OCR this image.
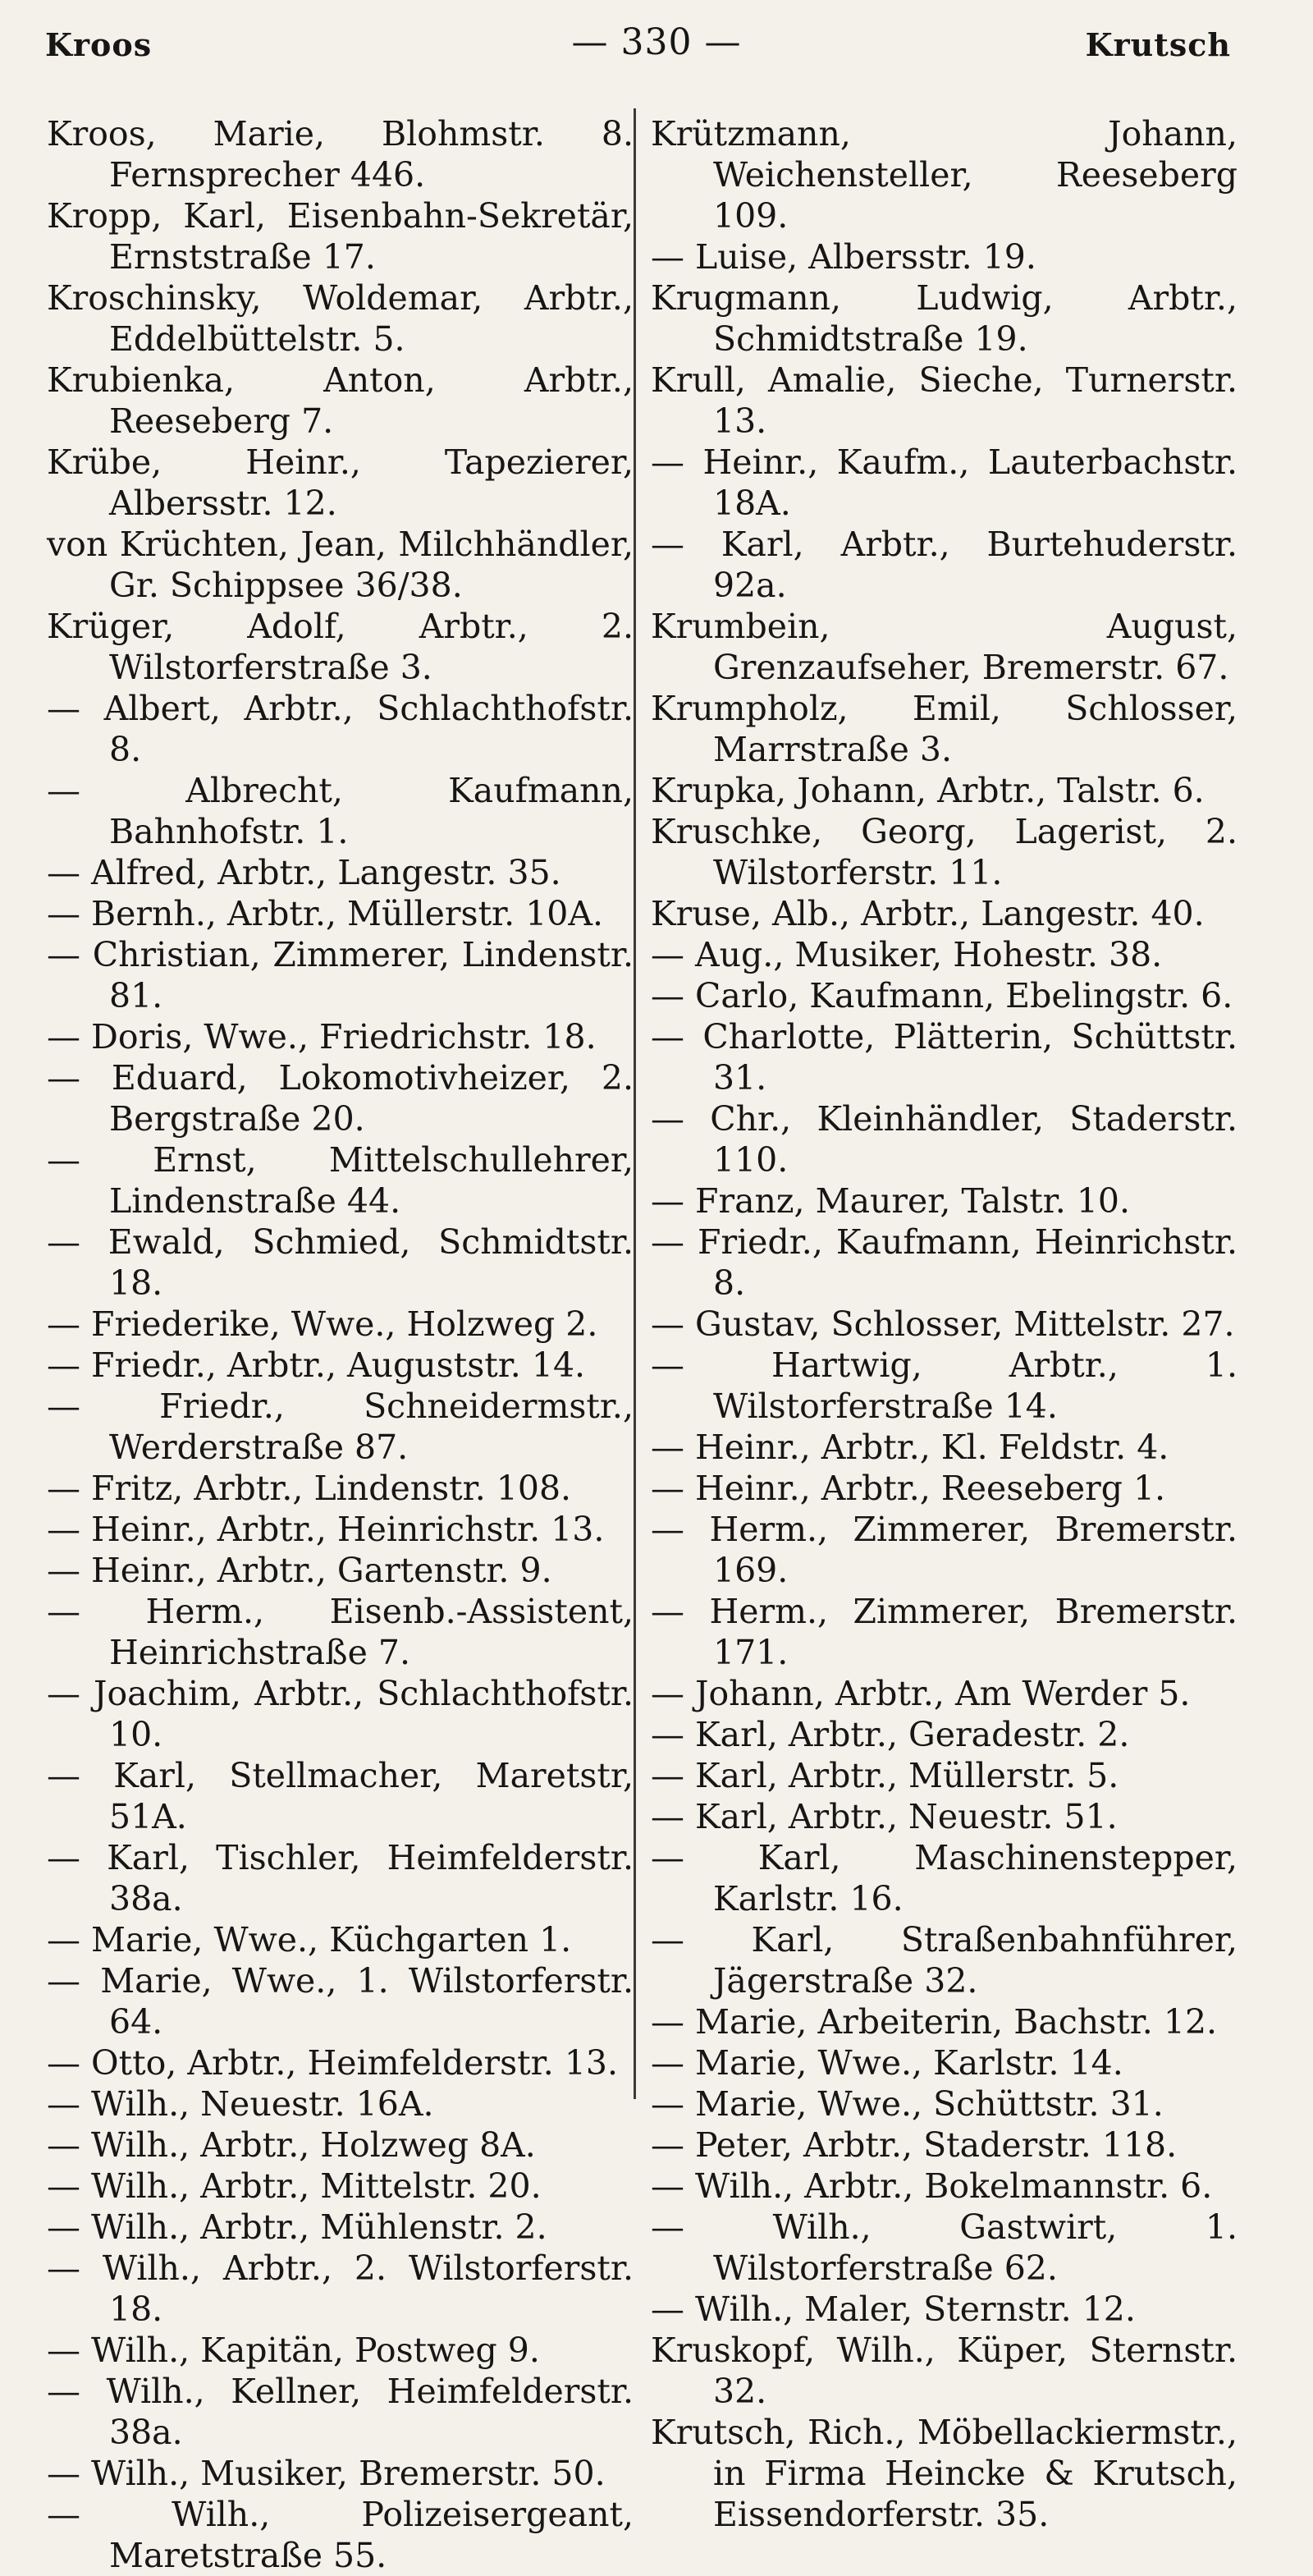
Kroos	— 330 —	Krutsch

Kroos, Marie, Blohmstr. 8. Fernsprecher 446.

Kropp, Karl, Eisenbahn-Sekretär, Ernststraße 17.

Kroschinsky, Woldemar, Arbtr., Eddelbüttelstr. 5.

Krubienka, Anton, Arbtr., Reeseberg 7.

Krübe, Heinr., Tapezierer, Albersstr. 12.

von Krüchten, Jean, Milchhändler, Gr. Schippsee 36/38.

Krüger, Adolf, Arbtr., 2. Wilstorferstraße 3.

— Albert, Arbtr., Schlachthofstr. 8.

— Albrecht, Kaufmann, Bahnhofstr. 1.

— Alfred, Arbtr., Langestr. 35.

— Bernh., Arbtr., Müllerstr. 10A.

— Christian, Zimmerer, Lindenstr. 81.

— Doris, Wwe., Friedrichstr. 18.

— Eduard, Lokomotivheizer, 2. Bergstraße 20.

— Ernst, Mittelschullehrer, Lindenstraße 44.

— Ewald, Schmied, Schmidtstr. 18.

— Friederike, Wwe., Holzweg 2.

— Friedr., Arbtr., Auguststr. 14.

— Friedr., Schneidermstr., Werderstraße 87.

— Fritz, Arbtr., Lindenstr. 108.

— Heinr., Arbtr., Heinrichstr. 13.

— Heinr., Arbtr., Gartenstr. 9.

— Herm., Eisenb.-Assistent, Heinrichstraße 7.

— Joachim, Arbtr., Schlachthofstr. 10.

— Karl, Stellmacher, Maretstr, 51A.

— Karl, Tischler, Heimfelderstr. 38a.

— Marie, Wwe., Küchgarten 1.

— Marie, Wwe., 1. Wilstorferstr. 64.

— Otto, Arbtr., Heimfelderstr. 13.

— Wilh., Neuestr. 16A.

— Wilh., Arbtr., Holzweg 8A.

— Wilh., Arbtr., Mittelstr. 20.

— Wilh., Arbtr., Mühlenstr. 2.

— Wilh., Arbtr., 2. Wilstorferstr. 18.

— Wilh., Kapitän, Postweg 9.

— Wilh., Kellner, Heimfelderstr. 38a.

— Wilh., Musiker, Bremerstr. 50.

— Wilh., Polizeisergeant, Maretstraße 55.

Krützmann, Johann, Weichensteller, Reeseberg 109.

— Luise, Albersstr. 19.

Krugmann, Ludwig, Arbtr., Schmidtstraße 19.

Krull, Amalie, Sieche, Turnerstr. 13.

— Heinr., Kaufm., Lauterbachstr. 18A.

— Karl, Arbtr., Burtehuderstr. 92a.

Krumbein, August, Grenzaufseher, Bremerstr. 67.

Krumpholz, Emil, Schlosser, Marrstraße 3.

Krupka, Johann, Arbtr., Talstr. 6.

Kruschke, Georg, Lagerist, 2. Wilstorferstr. 11.

Kruse, Alb., Arbtr., Langestr. 40.

— Aug., Musiker, Hohestr. 38.

— Carlo, Kaufmann, Ebelingstr. 6.

— Charlotte, Plätterin, Schüttstr. 31.

— Chr., Kleinhändler, Staderstr. 110.

— Franz, Maurer, Talstr. 10.

— Friedr., Kaufmann, Heinrichstr. 8.

— Gustav, Schlosser, Mittelstr. 27.

— Hartwig, Arbtr., 1. Wilstorferstraße 14.

— Heinr., Arbtr., Kl. Feldstr. 4.

— Heinr., Arbtr., Reeseberg 1.

— Herm., Zimmerer, Bremerstr. 169.

— Herm., Zimmerer, Bremerstr. 171.

— Johann, Arbtr., Am Werder 5.

— Karl, Arbtr., Geradestr. 2.

— Karl, Arbtr., Müllerstr. 5.

— Karl, Arbtr., Neuestr. 51.

— Karl, Maschinenstepper, Karlstr. 16.

— Karl, Straßenbahnführer, Jägerstraße 32.

— Marie, Arbeiterin, Bachstr. 12.

— Marie, Wwe., Karlstr. 14.

— Marie, Wwe., Schüttstr. 31.

— Peter, Arbtr., Staderstr. 118.

— Wilh., Arbtr., Bokelmannstr. 6.

— Wilh., Gastwirt, 1. Wilstorferstraße 62.

— Wilh., Maler, Sternstr. 12.

Kruskopf, Wilh., Küper, Sternstr. 32.

Krutsch, Rich., Möbellackiermstr., in Firma Heincke & Krutsch, Eissendorferstr. 35.
